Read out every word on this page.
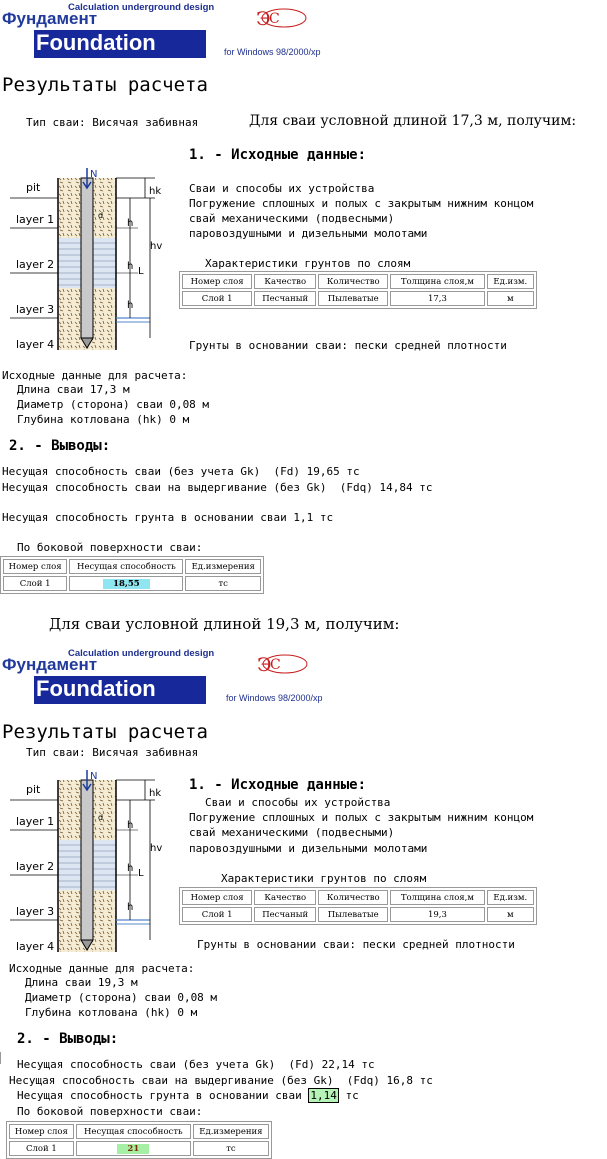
Calculation underground design
Фундамент
Foundation	for Windows 98/2000/xp
Э
С
Результаты расчета
Тип сваи: Висячая забивная	Для сваи условной длиной 17,3 м, получим:
N
d
hk
h
h L
h
hv
pit
layer 1
layer 2
layer 3
layer 4
1. - Исходные данные:
Сваи и способы их устройства
Погружение сплошных и полых с закрытым нижним концом
свай механическими (подвесными)
паровоздушными и дизельными молотами
Характеристики грунтов по слоям
Номер слоя	Качество	Количество	Толщина слоя,м	Ед.изм.
Слой 1	Песчаный	Пылеватые	17,3	м
Грунты в основании сваи: пески средней плотности
Исходные данные для расчета:
Длина сваи 17,3 м
Диаметр (сторона) сваи 0,08 м
Глубина котлована (hk) 0 м
2. - Выводы:
Несущая способность сваи (без учета Gk)  (Fd) 19,65 тс
Несущая способность сваи на выдергивание (без Gk)  (Fdq) 14,84 тс
Несущая способность грунта в основании сваи 1,1 тс
По боковой поверхности сваи:
Номер слоя	Несущая способность	Ед.измерения
Слой 1	18,55	тс
Для сваи условной длиной 19,3 м, получим:
Calculation underground design
Фундамент
Foundation	for Windows 98/2000/xp
Э
С
Результаты расчета
Тип сваи: Висячая забивная
N
d
hk
h
h L
h
hv
pit
layer 1
layer 2
layer 3
layer 4
1. - Исходные данные:
Сваи и способы их устройства
Погружение сплошных и полых с закрытым нижним концом
свай механическими (подвесными)
паровоздушными и дизельными молотами
Характеристики грунтов по слоям
Номер слоя	Качество	Количество	Толщина слоя,м	Ед.изм.
Слой 1	Песчаный	Пылеватые	19,3	м
Грунты в основании сваи: пески средней плотности
Исходные данные для расчета:
Длина сваи 19,3 м
Диаметр (сторона) сваи 0,08 м
Глубина котлована (hk) 0 м
2. - Выводы:
Несущая способность сваи (без учета Gk)  (Fd) 22,14 тс
Несущая способность сваи на выдергивание (без Gk)  (Fdq) 16,8 тс
Несущая способность грунта в основании сваи 1,14 тс
По боковой поверхности сваи:
Номер слоя	Несущая способность	Ед.измерения
Слой 1	21	тс
